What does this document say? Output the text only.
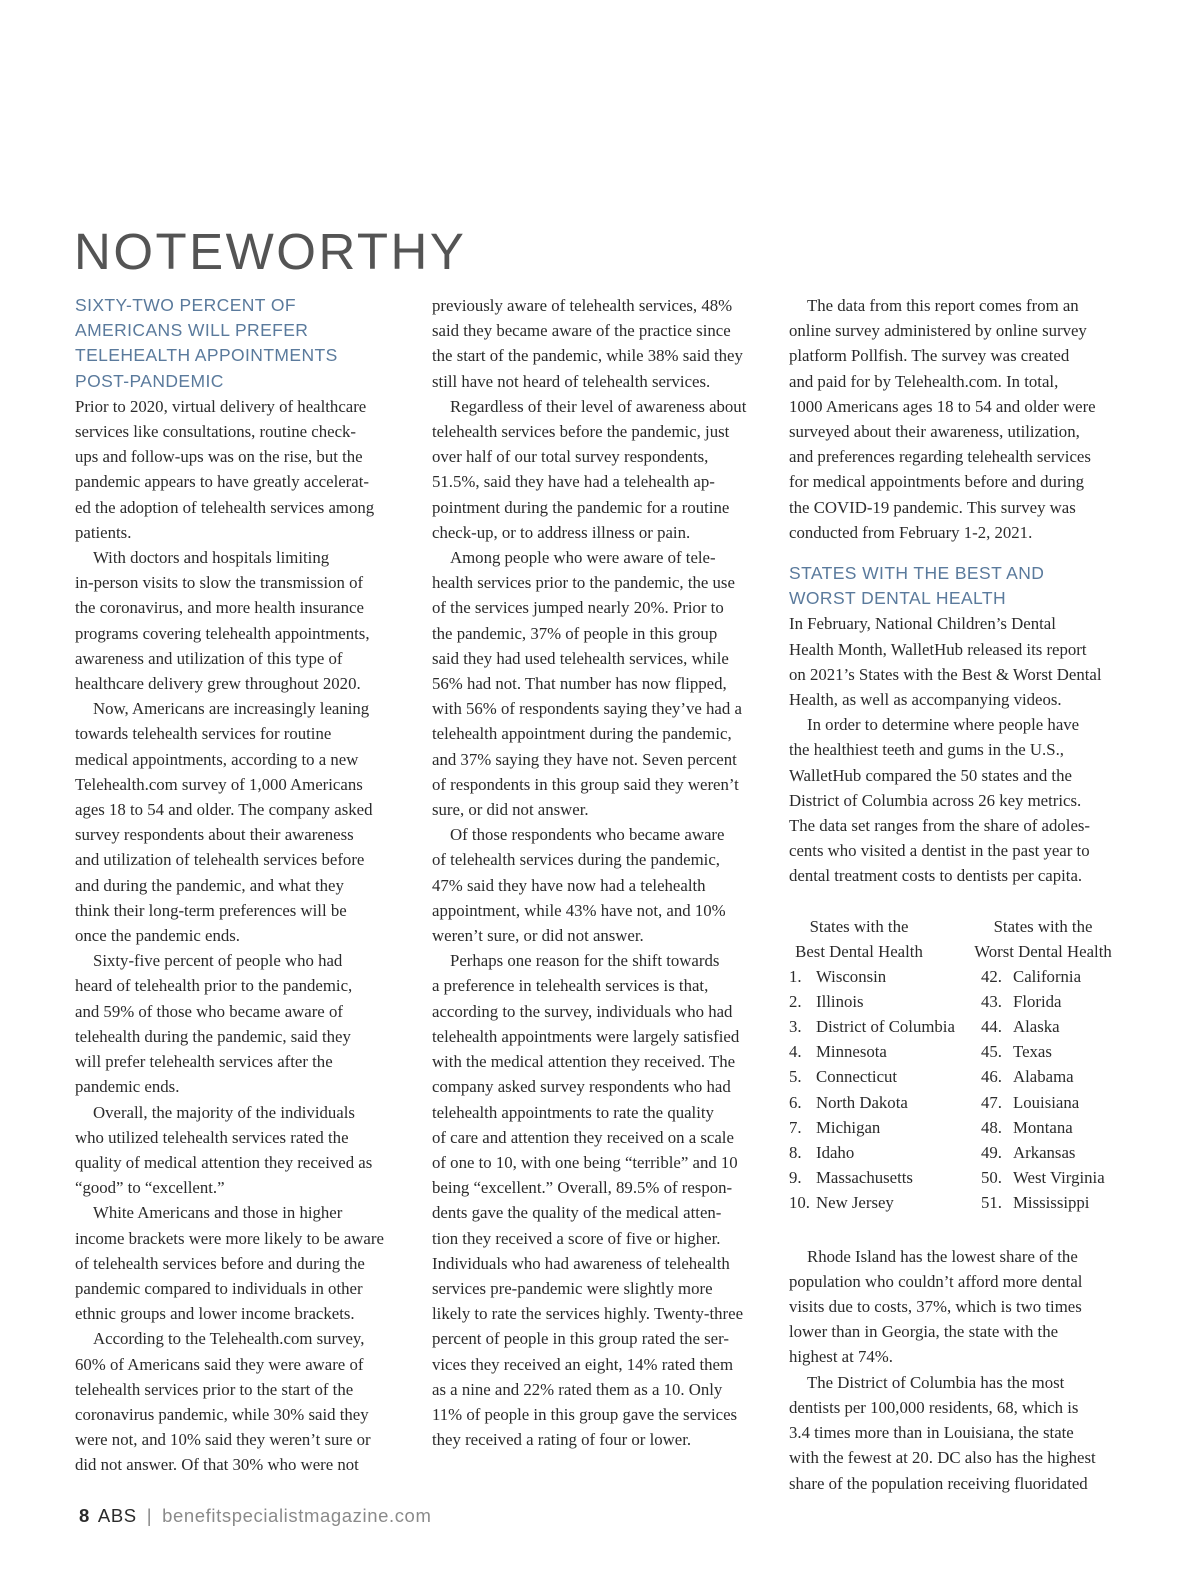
NOTEWORTHY
SIXTY-TWO PERCENT OF
AMERICANS WILL PREFER
TELEHEALTH APPOINTMENTS
POST-PANDEMIC

Prior to 2020, virtual delivery of healthcare
services like consultations, routine check-
ups and follow-ups was on the rise, but the
pandemic appears to have greatly accelerat-
ed the adoption of telehealth services among
patients.

With doctors and hospitals limiting
in-person visits to slow the transmission of
the coronavirus, and more health insurance
programs covering telehealth appointments,
awareness and utilization of this type of
healthcare delivery grew throughout 2020.

Now, Americans are increasingly leaning
towards telehealth services for routine
medical appointments, according to a new
Telehealth.com survey of 1,000 Americans
ages 18 to 54 and older. The company asked
survey respondents about their awareness
and utilization of telehealth services before
and during the pandemic, and what they
think their long-term preferences will be
once the pandemic ends.

Sixty-five percent of people who had
heard of telehealth prior to the pandemic,
and 59% of those who became aware of
telehealth during the pandemic, said they
will prefer telehealth services after the
pandemic ends.

Overall, the majority of the individuals
who utilized telehealth services rated the
quality of medical attention they received as
“good” to “excellent.”

White Americans and those in higher
income brackets were more likely to be aware
of telehealth services before and during the
pandemic compared to individuals in other
ethnic groups and lower income brackets.

According to the Telehealth.com survey,
60% of Americans said they were aware of
telehealth services prior to the start of the
coronavirus pandemic, while 30% said they
were not, and 10% said they weren’t sure or
did not answer. Of that 30% who were not

previously aware of telehealth services, 48%
said they became aware of the practice since
the start of the pandemic, while 38% said they
still have not heard of telehealth services.

Regardless of their level of awareness about
telehealth services before the pandemic, just
over half of our total survey respondents,
51.5%, said they have had a telehealth ap-
pointment during the pandemic for a routine
check-up, or to address illness or pain.

Among people who were aware of tele-
health services prior to the pandemic, the use
of the services jumped nearly 20%. Prior to
the pandemic, 37% of people in this group
said they had used telehealth services, while
56% had not. That number has now flipped,
with 56% of respondents saying they’ve had a
telehealth appointment during the pandemic,
and 37% saying they have not. Seven percent
of respondents in this group said they weren’t
sure, or did not answer.

Of those respondents who became aware
of telehealth services during the pandemic,
47% said they have now had a telehealth
appointment, while 43% have not, and 10%
weren’t sure, or did not answer.

Perhaps one reason for the shift towards
a preference in telehealth services is that,
according to the survey, individuals who had
telehealth appointments were largely satisfied
with the medical attention they received. The
company asked survey respondents who had
telehealth appointments to rate the quality
of care and attention they received on a scale
of one to 10, with one being “terrible” and 10
being “excellent.” Overall, 89.5% of respon-
dents gave the quality of the medical atten-
tion they received a score of five or higher.
Individuals who had awareness of telehealth
services pre-pandemic were slightly more
likely to rate the services highly. Twenty-three
percent of people in this group rated the ser-
vices they received an eight, 14% rated them
as a nine and 22% rated them as a 10. Only
11% of people in this group gave the services
they received a rating of four or lower.

The data from this report comes from an
online survey administered by online survey
platform Pollfish. The survey was created
and paid for by Telehealth.com. In total,
1000 Americans ages 18 to 54 and older were
surveyed about their awareness, utilization,
and preferences regarding telehealth services
for medical appointments before and during
the COVID-19 pandemic. This survey was
conducted from February 1-2, 2021.

STATES WITH THE BEST AND
WORST DENTAL HEALTH

In February, National Children’s Dental
Health Month, WalletHub released its report
on 2021’s States with the Best & Worst Dental
Health, as well as accompanying videos.

In order to determine where people have
the healthiest teeth and gums in the U.S.,
WalletHub compared the 50 states and the
District of Columbia across 26 key metrics.
The data set ranges from the share of adoles-
cents who visited a dentist in the past year to
dental treatment costs to dentists per capita.

States with the
Best Dental Health
States with the
Worst Dental Health
1. Wisconsin
2. Illinois
3. District of Columbia
4. Minnesota
5. Connecticut
6. North Dakota
7. Michigan
8. Idaho
9. Massachusetts
10. New Jersey
42. California
43. Florida
44. Alaska
45. Texas
46. Alabama
47. Louisiana
48. Montana
49. Arkansas
50. West Virginia
51. Mississippi

Rhode Island has the lowest share of the
population who couldn’t afford more dental
visits due to costs, 37%, which is two times
lower than in Georgia, the state with the
highest at 74%.

The District of Columbia has the most
dentists per 100,000 residents, 68, which is
3.4 times more than in Louisiana, the state
with the fewest at 20. DC also has the highest
share of the population receiving fluoridated

8 ABS | benefitspecialistmagazine.com
